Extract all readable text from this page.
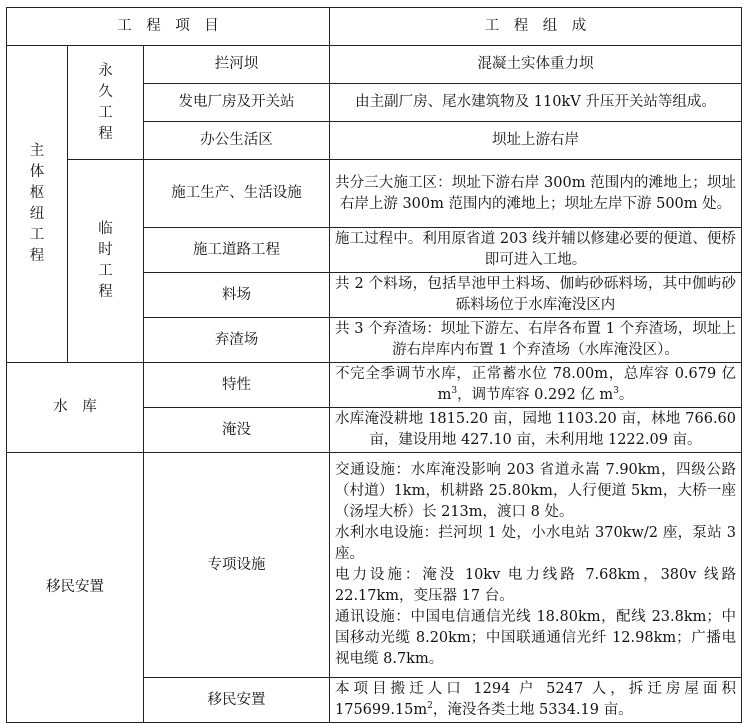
工　程　项　目			工　程　组　成
主体枢纽工程	永久工程	拦河坝	混凝土实体重力坝
		发电厂房及开关站	由主副厂房、尾水建筑物及 110kV 升压开关站等组成。
		办公生活区	坝址上游右岸
	临时工程	施工生产、生活设施	共分三大施工区：坝址下游右岸 300m 范围内的滩地上；坝址右岸上游 300m 范围内的滩地上；坝址左岸下游 500m 处。
		施工道路工程	施工过程中。利用原省道 203 线并辅以修建必要的便道、便桥即可进入工地。
		料场	共 2 个料场，包括旱池甲土料场、伽屿砂砾料场，其中伽屿砂砾料场位于水库淹没区内
		弃渣场	共 3 个弃渣场：坝址下游左、右岸各布置 1 个弃渣场，坝址上游右岸库内布置 1 个弃渣场（水库淹没区）。
水　库		特性	不完全季调节水库，正常蓄水位 78.00m，总库容 0.679 亿 $m^3$，调节库容 0.292 亿 $m^3$。
		淹没	水库淹没耕地 1815.20 亩，园地 1103.20 亩，林地 766.60 亩，建设用地 427.10 亩，未利用地 1222.09 亩。
移民安置		专项设施	交通设施：水库淹没影响 203 省道永嵩 7.90km，四级公路（村道）1km，机耕路 25.80km，人行便道 5km，大桥一座（汤埕大桥）长 213m，渡口 8 处。
水利水电设施：拦河坝 1 处，小水电站 370kw/2 座，泵站 3 座。
电力设施：淹没 10kv 电力线路 7.68km，380v 线路 22.17km，变压器 17 台。
通讯设施：中国电信通信光线 18.80km，配线 23.8km；中国移动光缆 8.20km；中国联通通信光纤 12.98km；广播电视电缆 8.7km。

		移民安置	本项目搬迁人口 1294 户 5247 人，拆迁房屋面积 $175699.15m^2$，淹没各类土地 5334.19 亩。
